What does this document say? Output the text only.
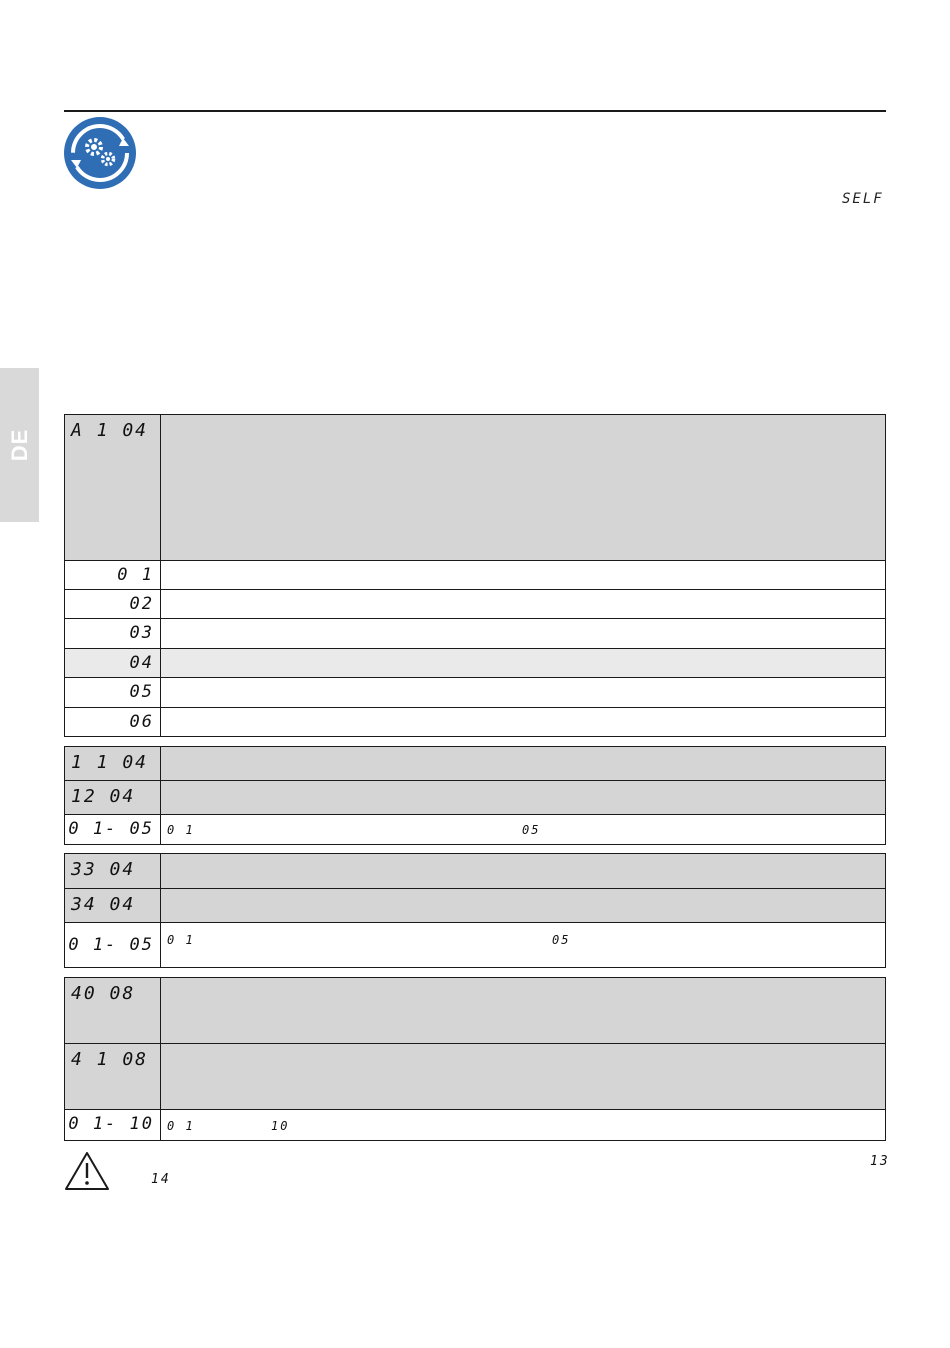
SELF
DE	A 1 04	

0 1	

02	

03	

04	

05	

06	

1 1 04	

12 04	

0 1- 05	0 1 05
33 04	

34 04	

0 1- 05	0 1 05
40 08	

4 1 08	

0 1- 10	0 1 10
13
14
